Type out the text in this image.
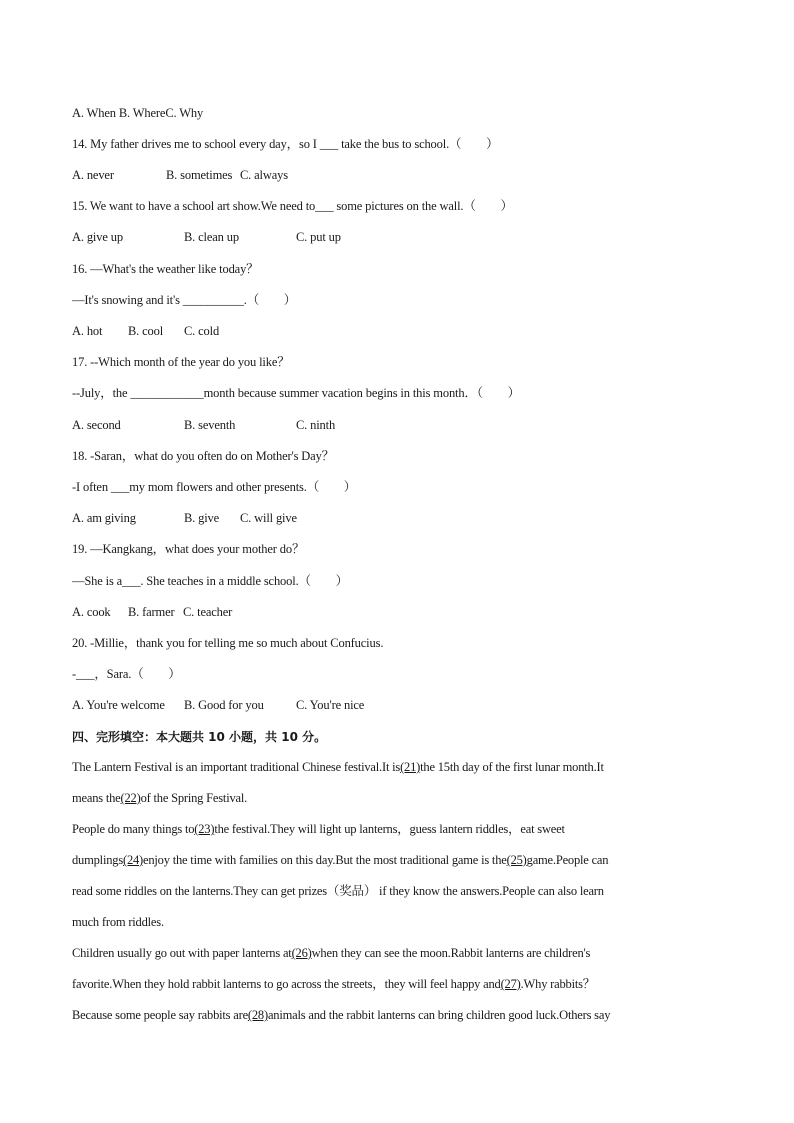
A. When B. WhereC. Why
14. My father drives me to school every day，so I ___ take the bus to school.（　　）
A. never	B. sometimes C. always
15. We want to have a school art show.We need to___ some pictures on the wall.（　　）
A. give up	B. clean up	C. put up
16. —What's the weather like today？
—It's snowing and it's __________.（　　）
A. hot B. cool C. cold
17. --Which month of the year do you like？
--July，the ____________month because summer vacation begins in this month．（　　）
A. second	B. seventh	C. ninth
18. -Saran，what do you often do on Mother's Day？
-I often ___my mom flowers and other presents.（　　）
A. am giving	B. give C. will give
19. —Kangkang，what does your mother do？
—She is a___. She teaches in a middle school.（　　）
A. cook B. farmer C. teacher
20. -Millie，thank you for telling me so much about Confucius.
-___，Sara.（　　）
A. You're welcome B. Good for you	C. You're nice
四、完形填空：本大题共 10 小题，共 10 分。
The Lantern Festival is an important traditional Chinese festival.It is(21)the 15th day of the first lunar month.It
means the(22)of the Spring Festival.
People do many things to(23)the festival.They will light up lanterns，guess lantern riddles，eat sweet
dumplings(24)enjoy the time with families on this day.But the most traditional game is the(25)game.People can
read some riddles on the lanterns.They can get prizes（奖品） if they know the answers.People can also learn
much from riddles.
Children usually go out with paper lanterns at(26)when they can see the moon.Rabbit lanterns are children's
favorite.When they hold rabbit lanterns to go across the streets，they will feel happy and(27).Why rabbits？
Because some people say rabbits are(28)animals and the rabbit lanterns can bring children good luck.Others say
